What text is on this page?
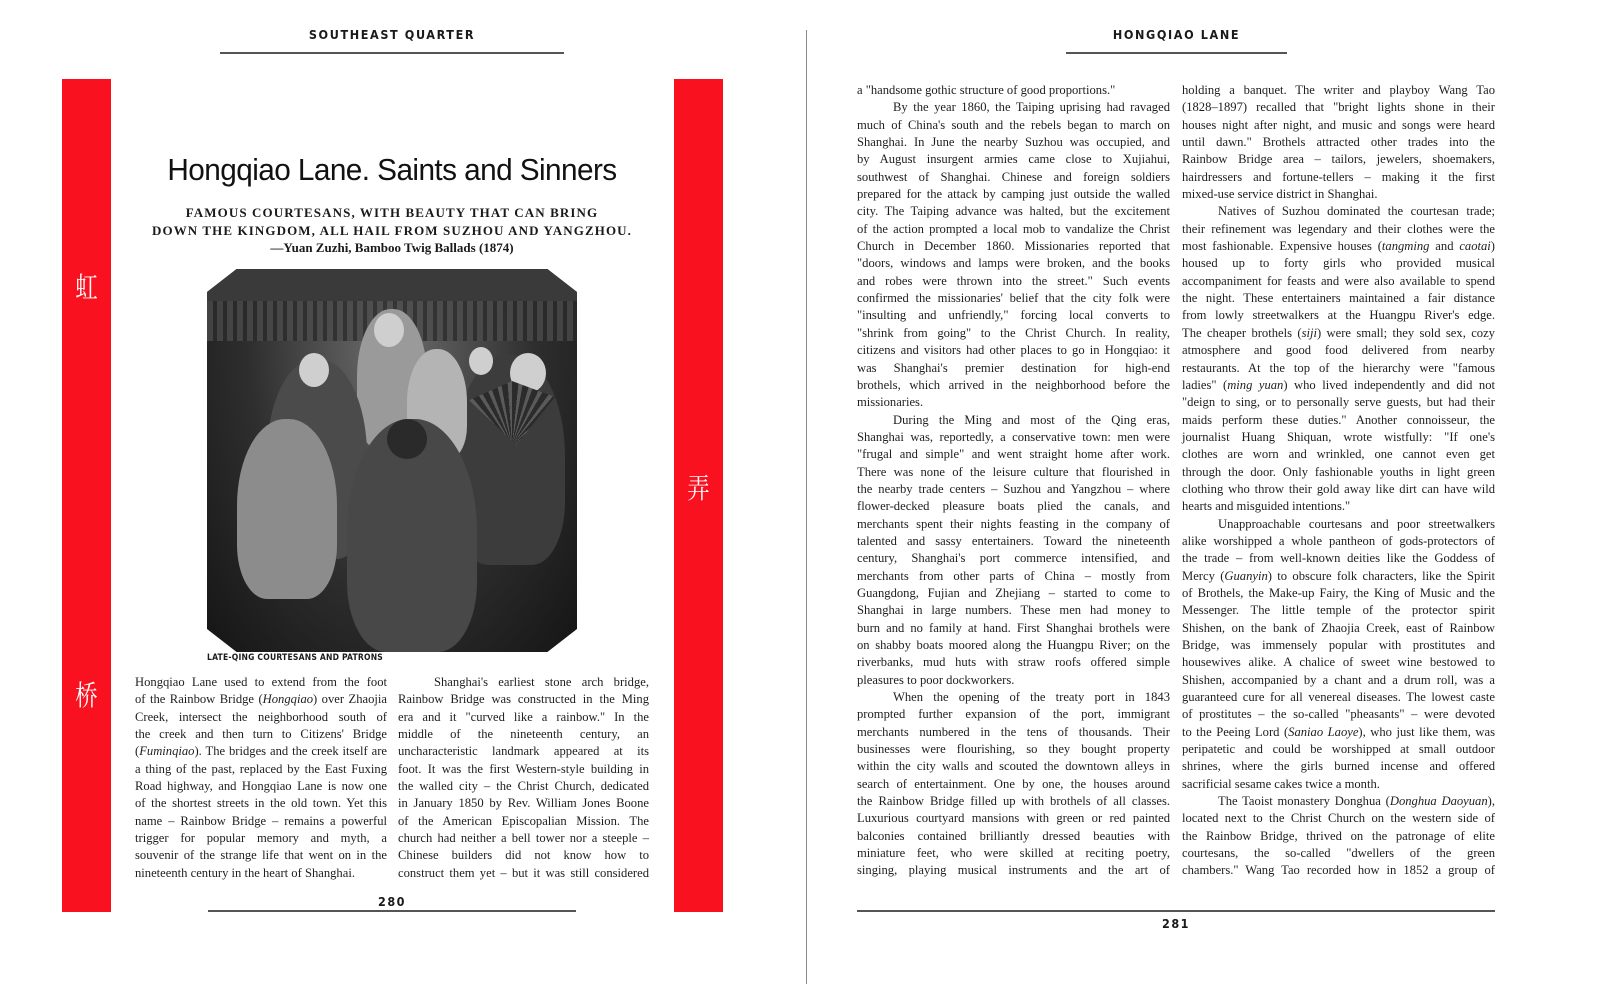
SOUTHEAST QUARTER
虹
桥
弄
Hongqiao Lane. Saints and Sinners
FAMOUS COURTESANS, WITH BEAUTY THAT CAN BRING
DOWN THE KINGDOM, ALL HAIL FROM SUZHOU AND YANGZHOU.
—Yuan Zuzhi, Bamboo Twig Ballads (1874)
LATE-QING COURTESANS AND PATRONS
Hongqiao Lane used to extend from the foot
of the Rainbow Bridge (Hongqiao) over Zhaojia
Creek, intersect the neighborhood south of
the creek and then turn to Citizens' Bridge
(Fuminqiao). The bridges and the creek itself are
a thing of the past, replaced by the East Fuxing
Road highway, and Hongqiao Lane is now one
of the shortest streets in the old town. Yet this
name – Rainbow Bridge – remains a powerful
trigger for popular memory and myth, a
souvenir of the strange life that went on in the
nineteenth century in the heart of Shanghai.
Shanghai's earliest stone arch bridge,
Rainbow Bridge was constructed in the Ming
era and it "curved like a rainbow." In the
middle of the nineteenth century, an
uncharacteristic landmark appeared at its
foot. It was the first Western-style building in
the walled city – the Christ Church, dedicated
in January 1850 by Rev. William Jones Boone
of the American Episcopalian Mission. The
church had neither a bell tower nor a steeple –
Chinese builders did not know how to
construct them yet – but it was still considered
280
HONGQIAO LANE
a "handsome gothic structure of good proportions."
By the year 1860, the Taiping uprising had ravaged
much of China's south and the rebels began to march on
Shanghai. In June the nearby Suzhou was occupied, and
by August insurgent armies came close to Xujiahui,
southwest of Shanghai. Chinese and foreign soldiers
prepared for the attack by camping just outside the walled
city. The Taiping advance was halted, but the excitement
of the action prompted a local mob to vandalize the Christ
Church in December 1860. Missionaries reported that
"doors, windows and lamps were broken, and the books
and robes were thrown into the street." Such events
confirmed the missionaries' belief that the city folk were
"insulting and unfriendly," forcing local converts to
"shrink from going" to the Christ Church. In reality,
citizens and visitors had other places to go in Hongqiao: it
was Shanghai's premier destination for high-end
brothels, which arrived in the neighborhood before the
missionaries.
During the Ming and most of the Qing eras,
Shanghai was, reportedly, a conservative town: men were
"frugal and simple" and went straight home after work.
There was none of the leisure culture that flourished in
the nearby trade centers – Suzhou and Yangzhou – where
flower-decked pleasure boats plied the canals, and
merchants spent their nights feasting in the company of
talented and sassy entertainers. Toward the nineteenth
century, Shanghai's port commerce intensified, and
merchants from other parts of China – mostly from
Guangdong, Fujian and Zhejiang – started to come to
Shanghai in large numbers. These men had money to
burn and no family at hand. First Shanghai brothels were
on shabby boats moored along the Huangpu River; on the
riverbanks, mud huts with straw roofs offered simple
pleasures to poor dockworkers.
When the opening of the treaty port in 1843
prompted further expansion of the port, immigrant
merchants numbered in the tens of thousands. Their
businesses were flourishing, so they bought property
within the city walls and scouted the downtown alleys in
search of entertainment. One by one, the houses around
the Rainbow Bridge filled up with brothels of all classes.
Luxurious courtyard mansions with green or red painted
balconies contained brilliantly dressed beauties with
miniature feet, who were skilled at reciting poetry,
singing, playing musical instruments and the art of
holding a banquet. The writer and playboy Wang Tao
(1828–1897) recalled that "bright lights shone in their
houses night after night, and music and songs were heard
until dawn." Brothels attracted other trades into the
Rainbow Bridge area – tailors, jewelers, shoemakers,
hairdressers and fortune-tellers – making it the first
mixed-use service district in Shanghai.
Natives of Suzhou dominated the courtesan trade;
their refinement was legendary and their clothes were the
most fashionable. Expensive houses (tangming and caotai)
housed up to forty girls who provided musical
accompaniment for feasts and were also available to spend
the night. These entertainers maintained a fair distance
from lowly streetwalkers at the Huangpu River's edge.
The cheaper brothels (siji) were small; they sold sex, cozy
atmosphere and good food delivered from nearby
restaurants. At the top of the hierarchy were "famous
ladies" (ming yuan) who lived independently and did not
"deign to sing, or to personally serve guests, but had their
maids perform these duties." Another connoisseur, the
journalist Huang Shiquan, wrote wistfully: "If one's
clothes are worn and wrinkled, one cannot even get
through the door. Only fashionable youths in light green
clothing who throw their gold away like dirt can have wild
hearts and misguided intentions."
Unapproachable courtesans and poor streetwalkers
alike worshipped a whole pantheon of gods-protectors of
the trade – from well-known deities like the Goddess of
Mercy (Guanyin) to obscure folk characters, like the Spirit
of Brothels, the Make-up Fairy, the King of Music and the
Messenger. The little temple of the protector spirit
Shishen, on the bank of Zhaojia Creek, east of Rainbow
Bridge, was immensely popular with prostitutes and
housewives alike. A chalice of sweet wine bestowed to
Shishen, accompanied by a chant and a drum roll, was a
guaranteed cure for all venereal diseases. The lowest caste
of prostitutes – the so-called "pheasants" – were devoted
to the Peeing Lord (Saniao Laoye), who just like them, was
peripatetic and could be worshipped at small outdoor
shrines, where the girls burned incense and offered
sacrificial sesame cakes twice a month.
The Taoist monastery Donghua (Donghua Daoyuan),
located next to the Christ Church on the western side of
the Rainbow Bridge, thrived on the patronage of elite
courtesans, the so-called "dwellers of the green
chambers." Wang Tao recorded how in 1852 a group of
281
